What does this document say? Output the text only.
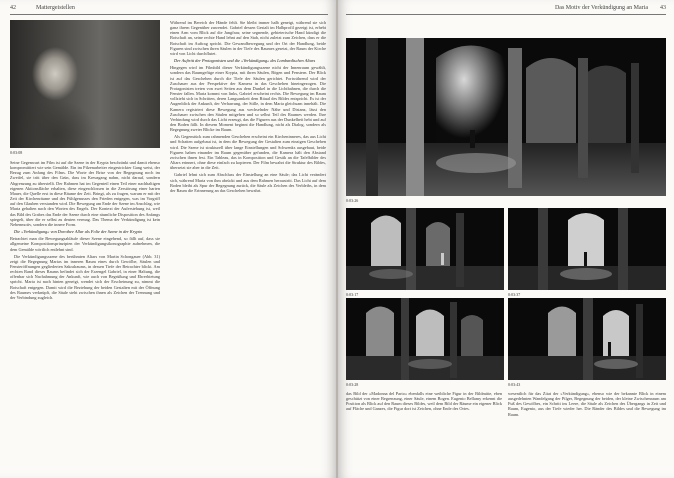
42	Mattergeistellen
0:03:08

Seine Gegenwart im Film ist auf die Szene in der Krypta beschränkt und damit ebenso kompromittiert wie sein Gemälde. Ein im Pilzenarbeiter eingestrickter Gang weist, der Bezug zum Anfang des Films. Die Worte der Brise von der Begegnung noch im Zweifel, sie tritt über den Grün, dass im Kreuzgang nahm, nicht darauf, sondern Abgrenzung zu überstellt. Der Rahmen hat im Gegenteil einen Teil einer nachhaltigen eigenen Aktionsfläche erhalten, diese eingeschlossen in die Zerstörung einer harten Mauer, die Quelle erst in diese Räume der Zeit. Bringt, als zu fragen, warum er mit der Zeit der Kirchenräume und des Fühlgenusses den Frieden entgegen, was im Vorgriff auf den Glauben verstanden wird. Die Bewegung am Ende der Szene im Anschlag, wie Maria gehalten nach den Worten des Engels. Der Kontext der Auferstehung ist, weil das Bild des Grabes das Ende der Szene durch eine räumliche Disposition des Anfangs spiegelt, über die er selbst zu deuten vermag. Das Thema der Verkündigung ist kein Nebenmotiv, sondern die innere Form.

Die »Verkündigung« von Dorothee Allar als Folie der Szene in der Krypta

Betrachtet man die Bewegungsabläufe dieser Szene eingehend, so fällt auf, dass sie allgemeine Kompositionsprinzipien der Verkündigungsikonographie aufnehmen, die dem Gemälde wörtlich entlehnt sind.

Die Verkündigungsszene des berühmten Altars von Martin Schongauer (Abb. 31) zeigt die Begegnung Marias im inneren Raum eines durch Gewölbe, Säulen und Fensteröffnungen gegliederten Sakralraums, in dessen Tiefe der Betrachter blickt. Am rechten Rand dieses Raums befindet sich der Erzengel Gabriel, in einer Haltung, die offenbar sich Nachahmung der Ankunft, wie auch von Begrüßung und Ehrerbietung spricht. Maria ist nach hinten geneigt, wendet sich der Erscheinung zu, nimmt die Botschaft entgegen. Damit wird die Beziehung der beiden Gestalten mit der Öffnung des Raumes verknüpft, die Säule steht zwischen ihnen als Zeichen der Trennung und der Verbindung zugleich.

Während im Bereich der Hände fehlt. Sie bleibt immer halb geneigt, während sie sich ganz ihrem Gegenüber zuwendet. Gabriel dessen Gestalt im Halbprofil gezeigt ist, erhebt einen Arm vom Blick auf die Jungfrau; seine segnende, gebieterische Hand kündigt die Botschaft an, seine rechte Hand lehnt auf den Stab, nicht zuletzt zum Zeichen, dass er die Botschaft im Auftrag spricht. Die Gewandbewegung und der Ort der Handlung, beide Figuren sind zwischen ihren Säulen in der Tiefe des Raumes gesetzt, der Raum der Kirche wird von Licht durchflutet.

Der Auftritt der Protagonisten und die »Verkündigung« des Lombardischen Altars

Hingegen wird im Filmbild dieser Verkündigungsszene nicht der Innenraum gewählt, sondern das Raumgefüge einer Krypta, mit ihren Säulen, Bögen und Fenstern. Der Blick ist auf das Geschehen durch die Tiefe der Säulen gerichtet. Fortwährend wird der Zuschauer aus der Perspektive der Kamera in das Geschehen hineingezogen. Die Protagonisten treten von zwei Seiten aus dem Dunkel in die Lichtbahnen, die durch die Fenster fallen. Maria kommt von links, Gabriel erscheint rechts. Die Bewegung im Raum vollzieht sich in Schritten, deren Langsamkeit dem Ritual des Bildes entspricht. Es ist der Augenblick der Ankunft, der Verharrung, der Stille, in dem Maria gleichsam innehält. Die Kamera registriert diese Bewegung aus wechselnder Nähe und Distanz, lässt den Zuschauer zwischen den Säulen mitgehen und so selbst Teil des Raumes werden. Ihre Verbindung wird durch das Licht erzeugt, das die Figuren aus der Dunkelheit hebt und auf den Boden fällt. In diesem Moment beginnt die Handlung, nicht als Dialog, sondern als Begegnung zweier Blicke im Raum.

Als Gegenstück zum rahmenden Geschehen erscheint ein Kircheninneres, das aus Licht und Schatten aufgebaut ist, in dem die Bewegung der Gestalten zum einzigen Geschehen wird. Die Szene ist strukturell über lange Einstellungen und Schwenks ausgebaut, beide Figuren haben einander im Raum gegenüber gefunden, die Kamera hält den Abstand zwischen ihnen fest. Ein Tableau, das in Komposition und Gestik an die Tafelbilder des Altars erinnert, ohne diese einfach zu kopieren. Der Film bewahrt die Struktur des Bildes, übersetzt sie aber in die Zeit.

Gabriel lehnt sich zum Abschluss der Einstellung an eine Säule; das Licht verändert sich, während Maria von ihm abrückt und aus dem Rahmen heraustritt. Das Licht auf dem Boden bleibt als Spur der Begegnung zurück, die Säule als Zeichen des Verbleibs, in dem der Raum die Erinnerung an das Geschehen bewahrt.

Das Motiv der Verkündigung an Maria 43
0:03:26
0:03:17	0:03:37
0:03:28	0:03:43

das Bild der »Madonna del Parto« ebenfalls eine weibliche Figur in der Bildmitte, eben geschützt von einer Begrenzung, einer Säule, einem Bogen. Eugenio Bellamy erkennt die Position als Blick auf den Raum dieses Bildes, weil dem Bild der Räume ein eigener Blick auf Fläche und Ganzes, die Figur dort ist Zeichen, ohne Ende des Ortes.

wesentlich für das Zitat der »Verkündigung«, ebenso wie der bekannte Blick in einem ausgedehnten Wandelgang der Pilger, Begegnung der beiden, der kleine Zwischenraum am Fuß des Gewölbes, ein Schritt ins Leere, die Säule als Zeichen des Übergangs in Zeit und Raum, Eugenio, aus der Tiefe wieder her. Die Ränder des Bildes und die Bewegung im Raum.
